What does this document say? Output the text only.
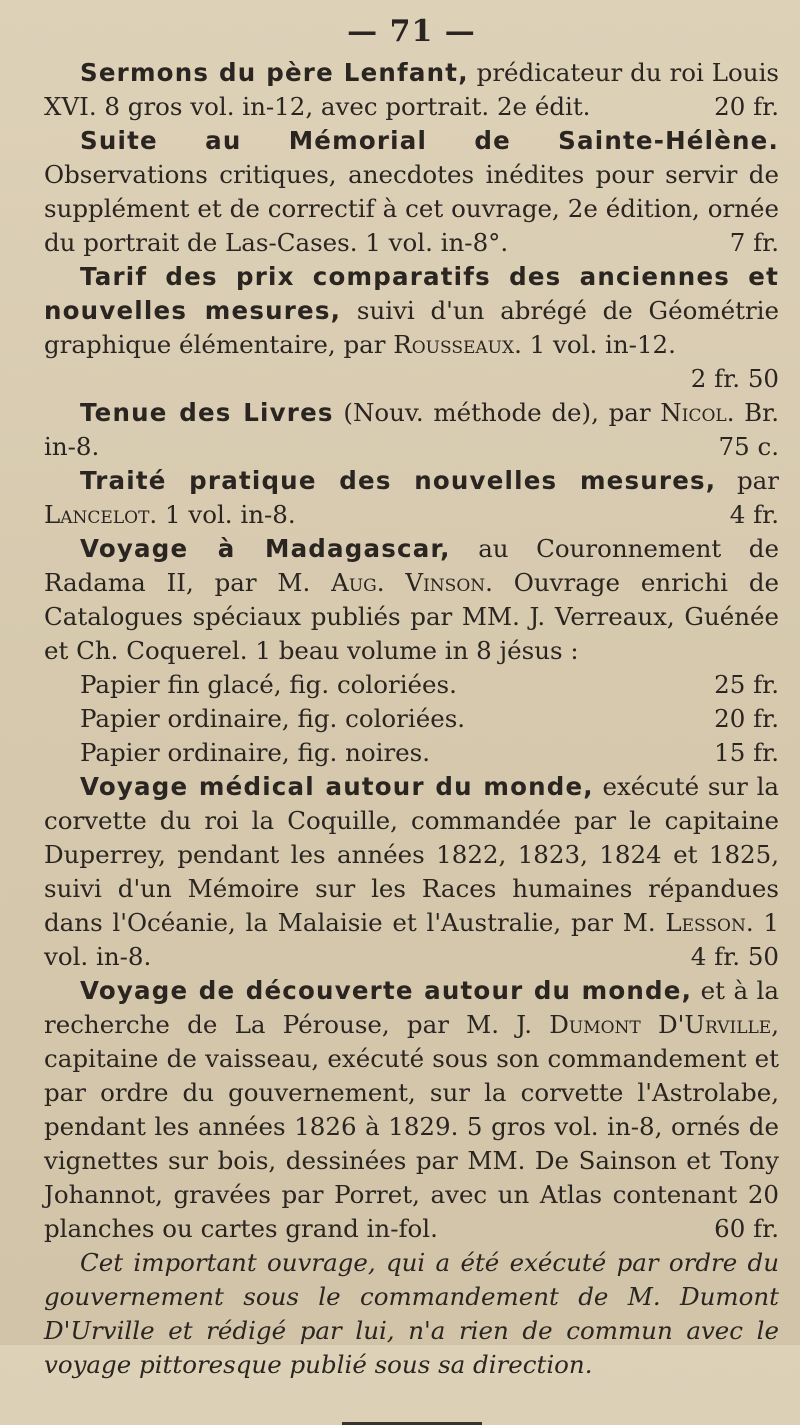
— 71 —

Sermons du père Lenfant, prédicateur du roi Louis XVI. 8 gros vol. in-12, avec portrait. 2e édit.	20 fr.

Suite au Mémorial de Sainte-Hélène. Observations critiques, anecdotes inédites pour servir de supplément et de correctif à cet ouvrage, 2e édition, ornée du portrait de Las-Cases. 1 vol. in-8°.	7 fr.

Tarif des prix comparatifs des anciennes et nouvelles mesures, suivi d'un abrégé de Géométrie graphique élémentaire, par Rousseaux. 1 vol. in-12.
2 fr. 50

Tenue des Livres (Nouv. méthode de), par Nicol. Br. in-8.	75 c.

Traité pratique des nouvelles mesures, par Lancelot. 1 vol. in-8.	4 fr.

Voyage à Madagascar, au Couronnement de Radama II, par M. Aug. Vinson. Ouvrage enrichi de Catalogues spéciaux publiés par MM. J. Verreaux, Guénée et Ch. Coquerel. 1 beau volume in 8 jésus :

Papier fin glacé, fig. coloriées.	25 fr.
Papier ordinaire, fig. coloriées.	20 fr.
Papier ordinaire, fig. noires.	15 fr.

Voyage médical autour du monde, exécuté sur la corvette du roi la Coquille, commandée par le capitaine Duperrey, pendant les années 1822, 1823, 1824 et 1825, suivi d'un Mémoire sur les Races humaines répandues dans l'Océanie, la Malaisie et l'Australie, par M. Lesson. 1 vol. in-8.	4 fr. 50

Voyage de découverte autour du monde, et à la recherche de La Pérouse, par M. J. Dumont D'Urville, capitaine de vaisseau, exécuté sous son commandement et par ordre du gouvernement, sur la corvette l'Astrolabe, pendant les années 1826 à 1829. 5 gros vol. in-8, ornés de vignettes sur bois, dessinées par MM. De Sainson et Tony Johannot, gravées par Porret, avec un Atlas contenant 20 planches ou cartes grand in-fol.	60 fr.

Cet important ouvrage, qui a été exécuté par ordre du gouvernement sous le commandement de M. Dumont D'Urville et rédigé par lui, n'a rien de commun avec le voyage pittoresque publié sous sa direction.
